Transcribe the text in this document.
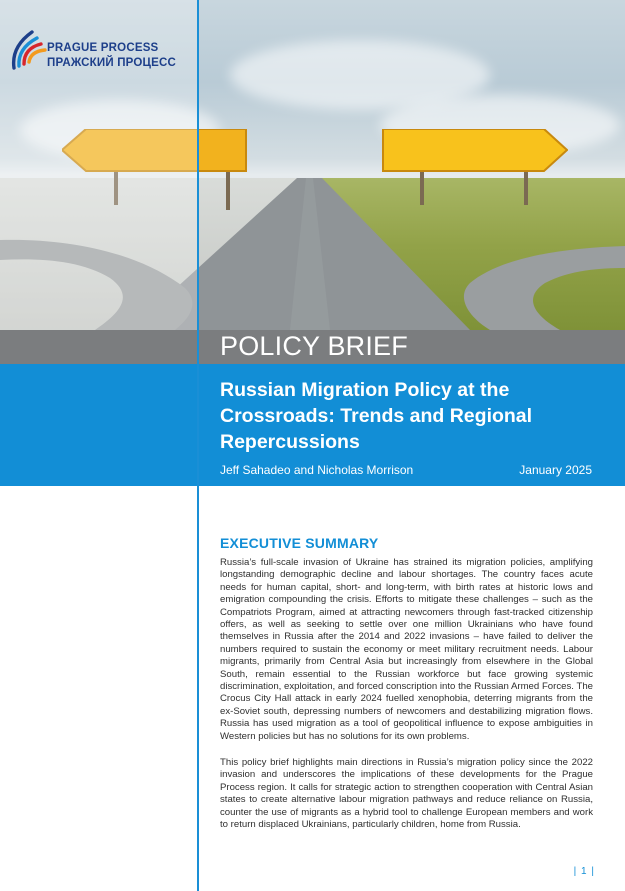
PRAGUE PROCESS
ПРАЖСКИЙ ПРОЦЕСС
POLICY BRIEF
Russian Migration Policy at the Crossroads: Trends and Regional Repercussions
Jeff Sahadeo and Nicholas Morrison	January 2025
EXECUTIVE SUMMARY

Russia’s full-scale invasion of Ukraine has strained its migration policies, amplifying longstanding demographic decline and labour shortages. The country faces acute needs for human capital, short- and long-term, with birth rates at historic lows and emigration compounding the crisis. Efforts to mitigate these challenges – such as the Compatriots Program, aimed at attracting newcomers through fast-tracked citizenship offers, as well as seeking to settle over one million Ukrainians who have found themselves in Russia after the 2014 and 2022 invasions – have failed to deliver the numbers required to sustain the economy or meet military recruitment needs. Labour migrants, primarily from Central Asia but increasingly from elsewhere in the Global South, remain essential to the Russian workforce but face growing systemic discrimination, exploitation, and forced conscription into the Russian Armed Forces. The Crocus City Hall attack in early 2024 fuelled xenophobia, deterring migrants from the ex-Soviet south, depressing numbers of newcomers and destabilizing migration flows. Russia has used migration as a tool of geopolitical influence to expose ambiguities in Western policies but has no solutions for its own problems.

This policy brief highlights main directions in Russia’s migration policy since the 2022 invasion and underscores the implications of these developments for the Prague Process region. It calls for strategic action to strengthen cooperation with Central Asian states to create alternative labour migration pathways and reduce reliance on Russia, counter the use of migrants as a hybrid tool to challenge European members and work to return displaced Ukrainians, particularly children, home from Russia.

| 1 |
